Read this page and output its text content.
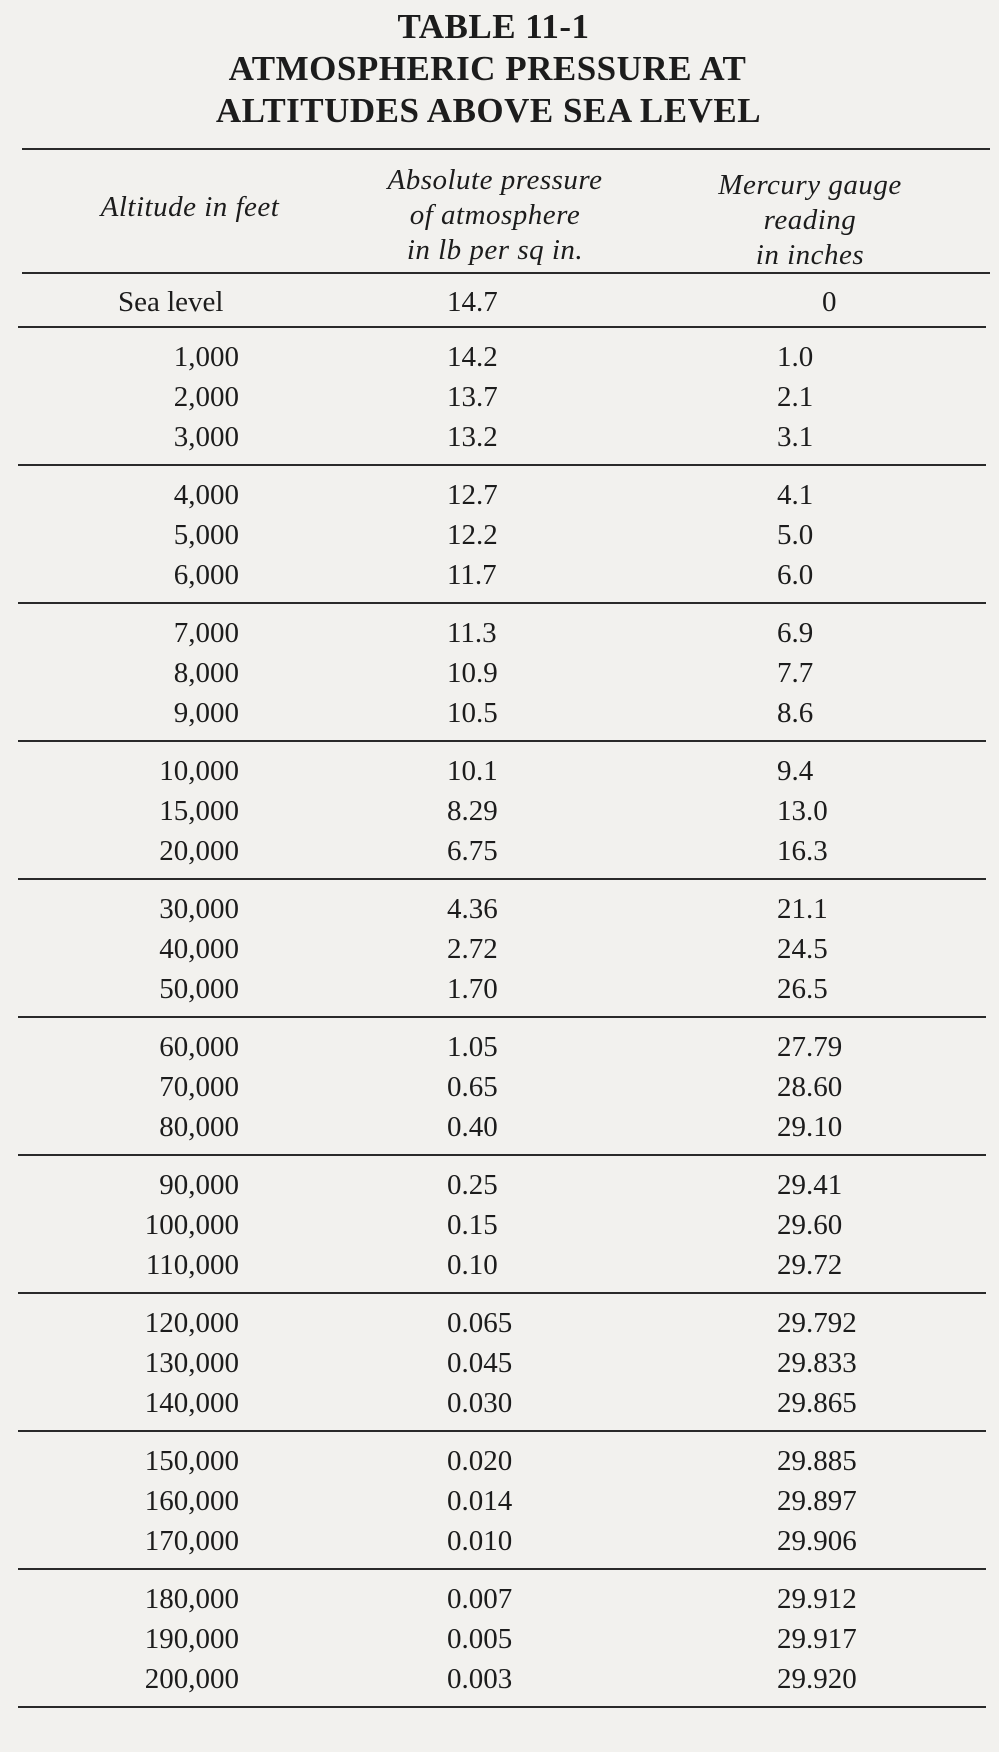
TABLE 11-1
ATMOSPHERIC PRESSURE AT
ALTITUDES ABOVE SEA LEVEL
Altitude in feet
Absolute pressure
of atmosphere
in lb per sq in.
Mercury gauge
reading
in inches
Sea level	14.7	0
1,000	14.2	1.0
2,000	13.7	2.1
3,000	13.2	3.1
4,000	12.7	4.1
5,000	12.2	5.0
6,000	11.7	6.0
7,000	11.3	6.9
8,000	10.9	7.7
9,000	10.5	8.6
10,000	10.1	9.4
15,000	8.29	13.0
20,000	6.75	16.3
30,000	4.36	21.1
40,000	2.72	24.5
50,000	1.70	26.5
60,000	1.05	27.79
70,000	0.65	28.60
80,000	0.40	29.10
90,000	0.25	29.41
100,000	0.15	29.60
110,000	0.10	29.72
120,000	0.065	29.792
130,000	0.045	29.833
140,000	0.030	29.865
150,000	0.020	29.885
160,000	0.014	29.897
170,000	0.010	29.906
180,000	0.007	29.912
190,000	0.005	29.917
200,000	0.003	29.920
